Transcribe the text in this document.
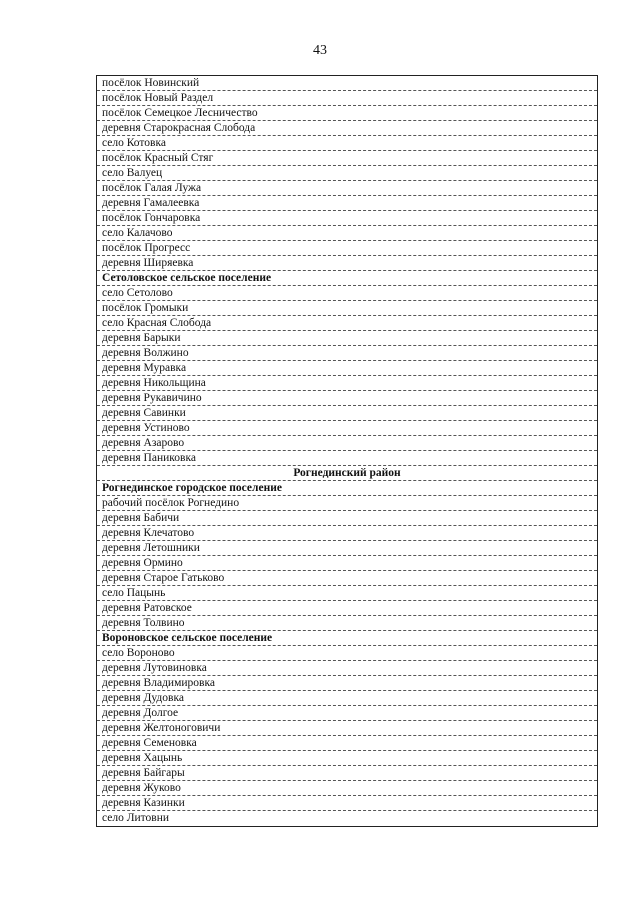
43
посёлок Новинский
посёлок Новый Раздел
посёлок Семецкое Лесничество
деревня Старокрасная Слобода
село Котовка
посёлок Красный Стяг
село Валуец
посёлок Галая Лужа
деревня Гамалеевка
посёлок Гончаровка
село Калачово
посёлок Прогресс
деревня Ширяевка
Сетоловское сельское поселение
село Сетолово
посёлок Громыки
село Красная Слобода
деревня Барыки
деревня Волжино
деревня Муравка
деревня Никольщина
деревня Рукавичино
деревня Савинки
деревня Устиново
деревня Азарово
деревня Паниковка
Рогнединский район
Рогнединское городское поселение
рабочий посёлок Рогнедино
деревня Бабичи
деревня Клечатово
деревня Летошники
деревня Ормино
деревня Старое Гатьково
село Пацынь
деревня Ратовское
деревня Толвино
Вороновское сельское поселение
село Вороново
деревня Лутовиновка
деревня Владимировка
деревня Дудовка
деревня Долгое
деревня Желтоноговичи
деревня Семеновка
деревня Хацынь
деревня Байгары
деревня Жуково
деревня Казинки
село Литовни
